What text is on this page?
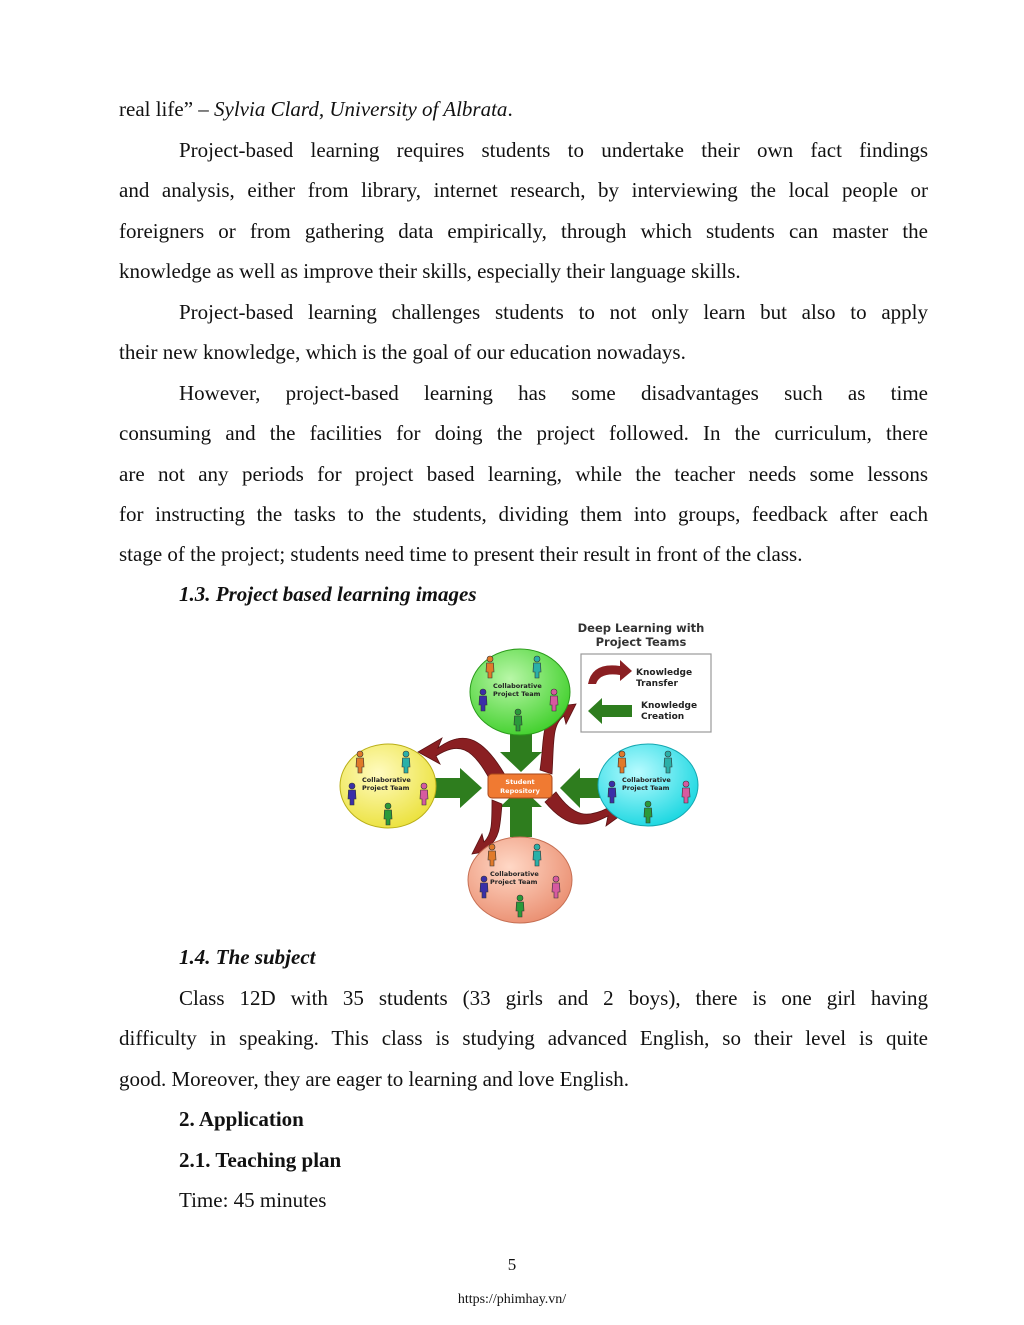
real life” – Sylvia Clard, University of Albrata.
Project-based learning requires students to undertake their own fact findings
and analysis, either from library, internet research, by interviewing the local people or
foreigners or from gathering data empirically, through which students can master the
knowledge as well as improve their skills, especially their language skills.
Project-based learning challenges students to not only learn but also to apply
their new knowledge, which is the goal of our education nowadays.
However, project-based learning has some disadvantages such as time
consuming and the facilities for doing the project followed. In the curriculum, there
are not any periods for project based learning, while the teacher needs some lessons
for instructing the tasks to the students, dividing them into groups, feedback after each
stage of the project; students need time to present their result in front of the class.
1.3. Project based learning images
Deep Learning with
Project Teams
Knowledge
Transfer
Knowledge
Creation
Collaborative
Project Team
Collaborative
Project Team
Collaborative
Project Team
Collaborative
Project Team
Student
Repository
1.4. The subject
Class 12D with 35 students (33 girls and 2 boys), there is one girl having
difficulty in speaking. This class is studying advanced English, so their level is quite
good. Moreover, they are eager to learning and love English.
2. Application
2.1. Teaching plan
Time: 45 minutes
5
https://phimhay.vn/
